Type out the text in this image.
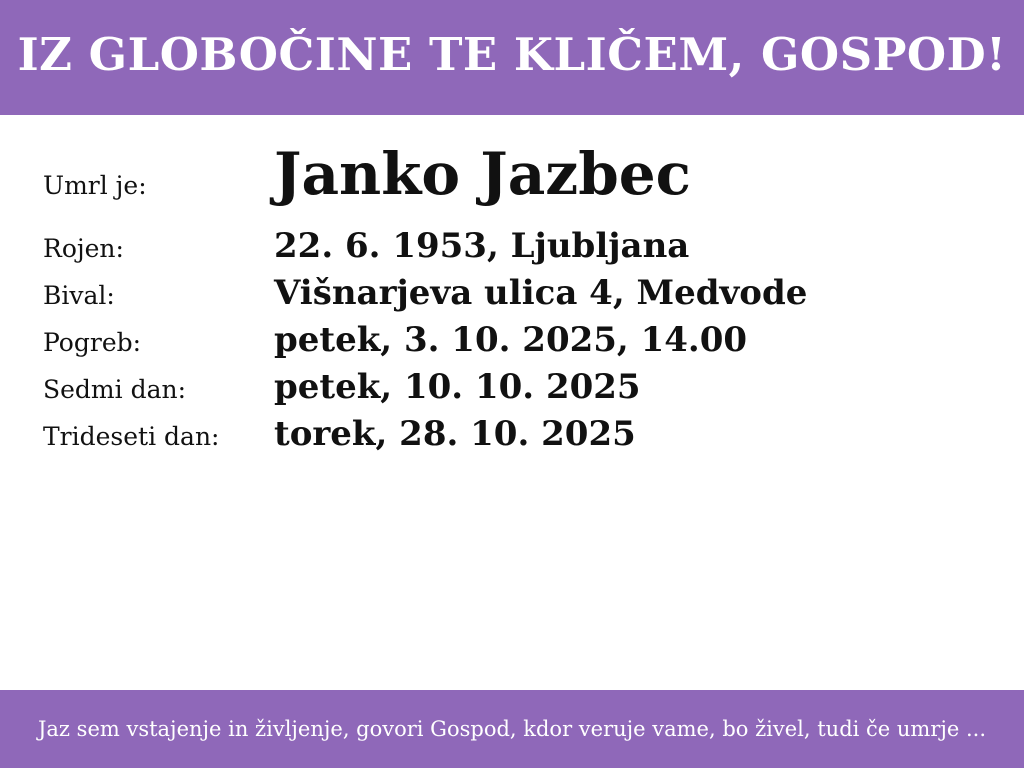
IZ GLOBOČINE TE KLIČEM, GOSPOD!
Umrl je:	Janko Jazbec
Rojen:	22. 6. 1953, Ljubljana
Bival:	Višnarjeva ulica 4, Medvode
Pogreb:	petek, 3. 10. 2025, 14.00
Sedmi dan:	petek, 10. 10. 2025
Trideseti dan:	torek, 28. 10. 2025
Jaz sem vstajenje in življenje, govori Gospod, kdor veruje vame, bo živel, tudi če umrje ...
